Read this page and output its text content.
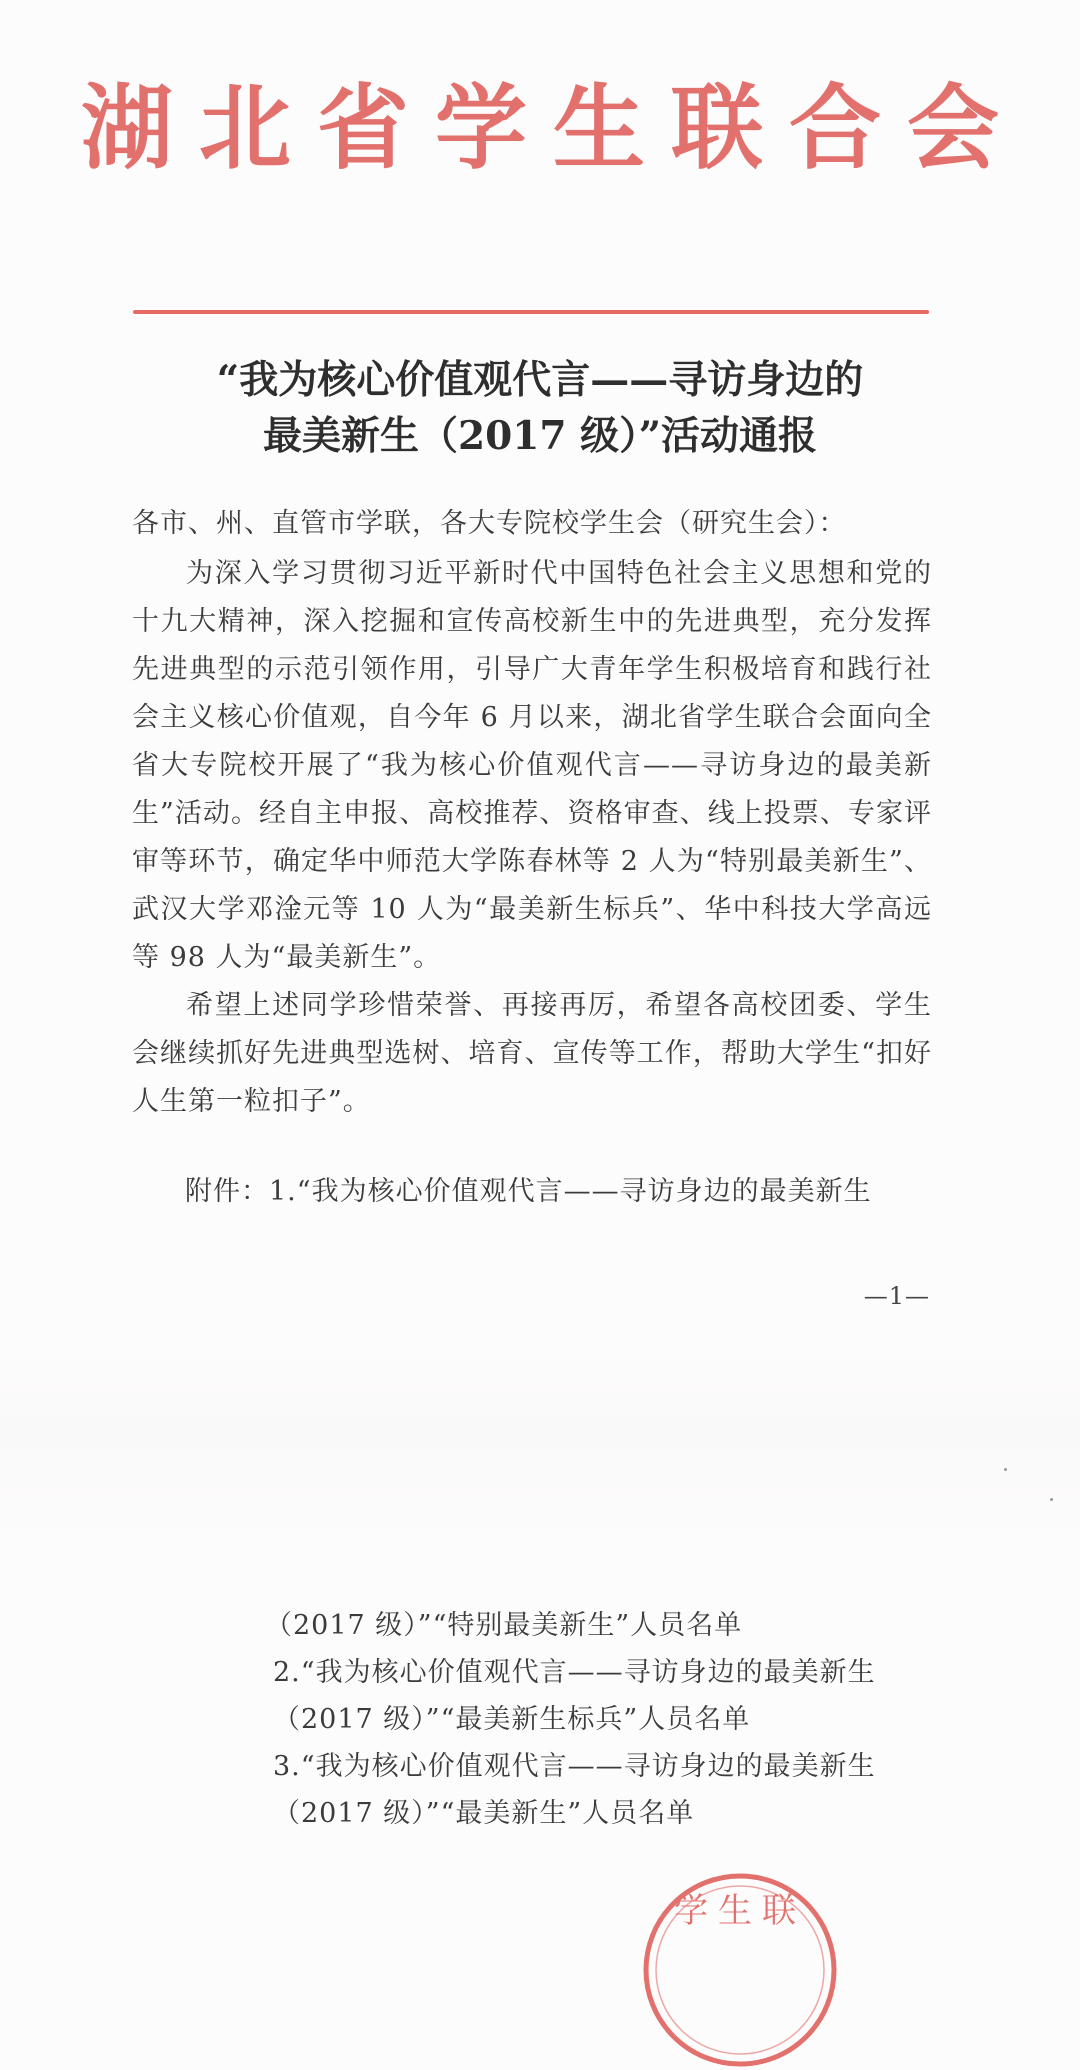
湖北省学生联合会
“我为核心价值观代言——寻访身边的
最美新生（2017 级）”活动通报

各市、州、直管市学联，各大专院校学生会（研究生会）：

为深入学习贯彻习近平新时代中国特色社会主义思想和党的十九大精神，深入挖掘和宣传高校新生中的先进典型，充分发挥先进典型的示范引领作用，引导广大青年学生积极培育和践行社会主义核心价值观，自今年 6 月以来，湖北省学生联合会面向全省大专院校开展了“我为核心价值观代言——寻访身边的最美新生”活动。经自主申报、高校推荐、资格审查、线上投票、专家评审等环节，确定华中师范大学陈春林等 2 人为“特别最美新生”、武汉大学邓淦元等 10 人为“最美新生标兵”、华中科技大学高远等 98 人为“最美新生”。

希望上述同学珍惜荣誉、再接再厉，希望各高校团委、学生会继续抓好先进典型选树、培育、宣传等工作，帮助大学生“扣好人生第一粒扣子”。

附件：1.“我为核心价值观代言——寻访身边的最美新生
—1—

（2017 级）”“特别最美新生”人员名单

2.“我为核心价值观代言——寻访身边的最美新生

（2017 级）”“最美新生标兵”人员名单

3.“我为核心价值观代言——寻访身边的最美新生

（2017 级）”“最美新生”人员名单

学生联
